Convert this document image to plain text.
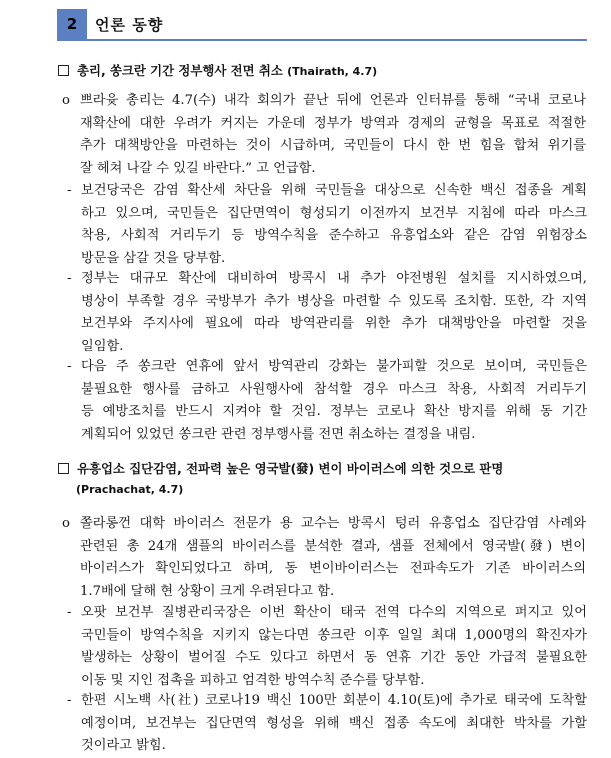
2	언론 동향
총리, 쏭크란 기간 정부행사 전면 취소 (Thairath, 4.7)
o 쁘라윳 총리는 4.7(수) 내각 회의가 끝난 뒤에 언론과 인터뷰를 통해 “국내 코로나
재확산에 대한 우려가 커지는 가운데 정부가 방역과 경제의 균형을 목표로 적절한
추가 대책방안을 마련하는 것이 시급하며, 국민들이 다시 한 번 힘을 합쳐 위기를
잘 헤쳐 나갈 수 있길 바란다.” 고 언급함.
- 보건당국은 감염 확산세 차단을 위해 국민들을 대상으로 신속한 백신 접종을 계획
하고 있으며, 국민들은 집단면역이 형성되기 이전까지 보건부 지침에 따라 마스크
착용, 사회적 거리두기 등 방역수칙을 준수하고 유흥업소와 같은 감염 위험장소
방문을 삼갈 것을 당부함.
- 정부는 대규모 확산에 대비하여 방콕시 내 추가 야전병원 설치를 지시하였으며,
병상이 부족할 경우 국방부가 추가 병상을 마련할 수 있도록 조치함. 또한, 각 지역
보건부와 주지사에 필요에 따라 방역관리를 위한 추가 대책방안을 마련할 것을
일임함.
- 다음 주 쏭크란 연휴에 앞서 방역관리 강화는 불가피할 것으로 보이며, 국민들은
불필요한 행사를 금하고 사원행사에 참석할 경우 마스크 착용, 사회적 거리두기
등 예방조치를 반드시 지켜야 할 것임. 정부는 코로나 확산 방지를 위해 동 기간
계획되어 있었던 쏭크란 관련 정부행사를 전면 취소하는 결정을 내림.
유흥업소 집단감염, 전파력 높은 영국발(發) 변이 바이러스에 의한 것으로 판명
(Prachachat, 4.7)
o 쫄라롱껀 대학 바이러스 전문가 용 교수는 방콕시 텅러 유흥업소 집단감염 사례와
관련된 총 24개 샘플의 바이러스를 분석한 결과, 샘플 전체에서 영국발(發) 변이
바이러스가 확인되었다고 하며, 동 변이바이러스는 전파속도가 기존 바이러스의
1.7배에 달해 현 상황이 크게 우려된다고 함.
- 오팟 보건부 질병관리국장은 이번 확산이 태국 전역 다수의 지역으로 퍼지고 있어
국민들이 방역수칙을 지키지 않는다면 쏭크란 이후 일일 최대 1,000명의 확진자가
발생하는 상황이 벌어질 수도 있다고 하면서 동 연휴 기간 동안 가급적 불필요한
이동 및 지인 접촉을 피하고 엄격한 방역수칙 준수를 당부함.
- 한편 시노백 사(社) 코로나19 백신 100만 회분이 4.10(토)에 추가로 태국에 도착할
예정이며, 보건부는 집단면역 형성을 위해 백신 접종 속도에 최대한 박차를 가할
것이라고 밝힘.
